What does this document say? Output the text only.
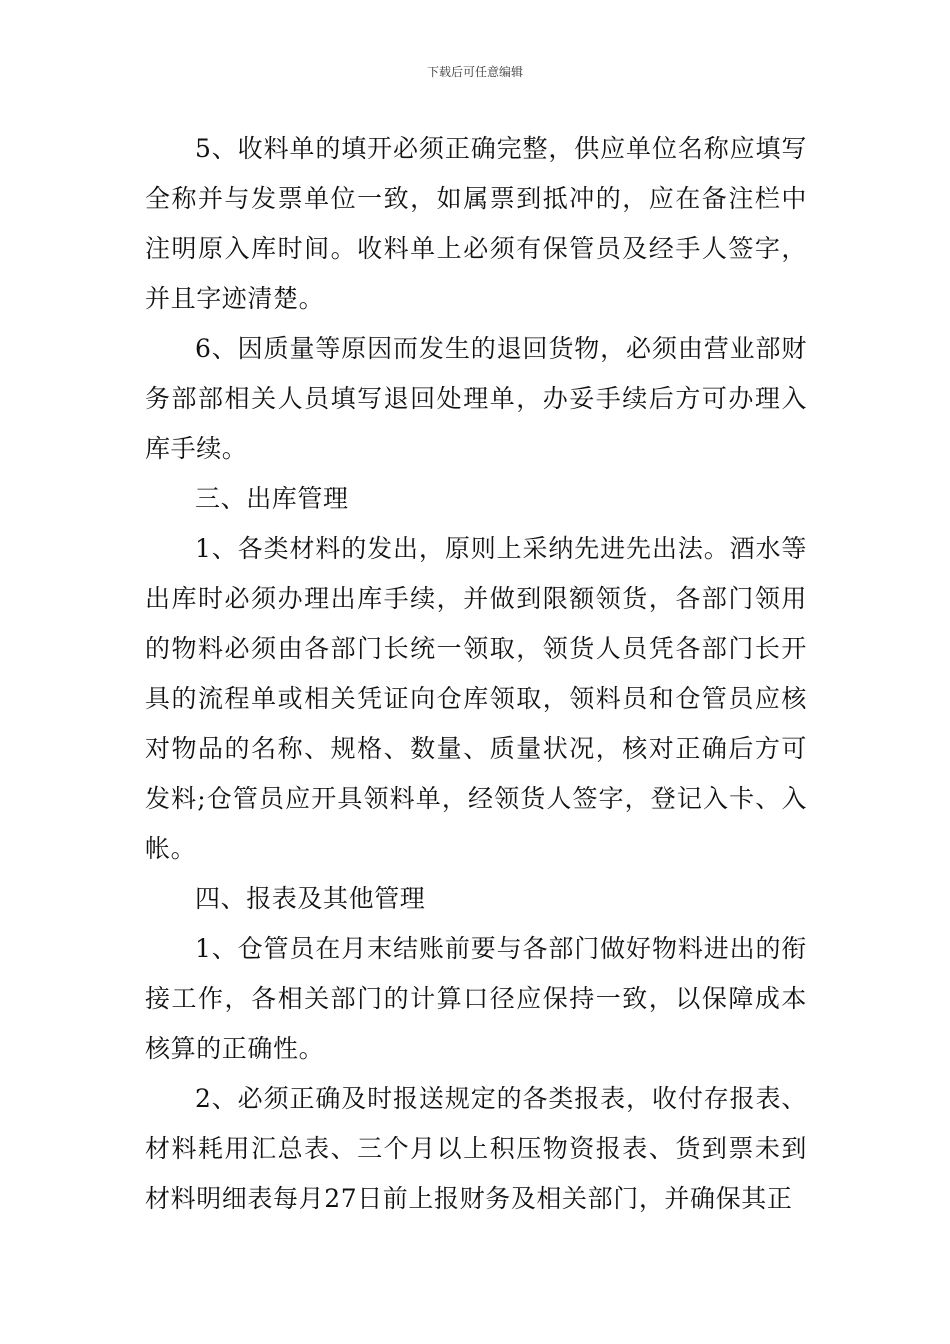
下载后可任意编辑

5、收料单的填开必须正确完整，供应单位名称应填写全称并与发票单位一致，如属票到抵冲的，应在备注栏中注明原入库时间。收料单上必须有保管员及经手人签字，并且字迹清楚。

6、因质量等原因而发生的退回货物，必须由营业部财务部部相关人员填写退回处理单，办妥手续后方可办理入库手续。

三、出库管理

1、各类材料的发出，原则上采纳先进先出法。酒水等出库时必须办理出库手续，并做到限额领货，各部门领用的物料必须由各部门长统一领取，领货人员凭各部门长开具的流程单或相关凭证向仓库领取，领料员和仓管员应核对物品的名称、规格、数量、质量状况，核对正确后方可发料;仓管员应开具领料单，经领货人签字，登记入卡、入帐。

四、报表及其他管理

1、仓管员在月末结账前要与各部门做好物料进出的衔接工作，各相关部门的计算口径应保持一致，以保障成本核算的正确性。

2、必须正确及时报送规定的各类报表，收付存报表、材料耗用汇总表、三个月以上积压物资报表、货到票未到材料明细表每月27日前上报财务及相关部门，并确保其正
